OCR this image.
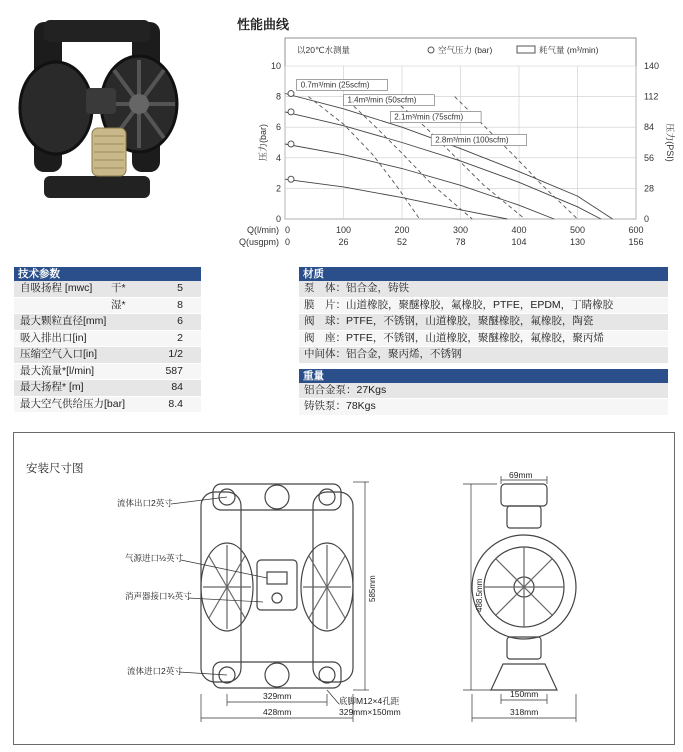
性能曲线
以20℃水测量	空气压力 (bar)	耗气量 (m³/min)
0
2
4
6
8
10
0
28
56
84
112
140
压力(bar)	压力(PSI)
Q(l/min)
Q(usgpm)
0	100	200	300	400	500	600
0	26	52	78	104	130	156
0.7m³/min (25scfm)
1.4m³/min (50scfm)
2.1m³/min (75scfm)
2.8m³/min (100scfm)
技术参数
自吸扬程 [mwc] 干*	5
湿*	8
最大颗粒直径[mm]	6
吸入排出口[in]	2
压缩空气入口[in]	1/2
最大流量*[l/min]	587
最大扬程* [m]	84
最大空气供给压力[bar]	8.4
材质
泵　体：铝合金，铸铁
膜　片：山道橡胶，聚醚橡胶，氟橡胶，PTFE，EPDM，丁睛橡胶
阀　球：PTFE，不锈钢，山道橡胶，聚醚橡胶，氟橡胶，陶瓷
阀　座：PTFE，不锈钢，山道橡胶，聚醚橡胶，氟橡胶，聚丙烯
中间体：铝合金，聚丙烯，不锈钢
重量
铝合金泵：27Kgs
铸铁泵：78Kgs
安装尺寸图
流体出口2英寸
气源进口½英寸
消声器接口¾英寸
流体进口2英寸
585mm
329mm
428mm
底脚M12×4孔距
329mm×150mm
69mm
488.5mm
150mm
318mm
